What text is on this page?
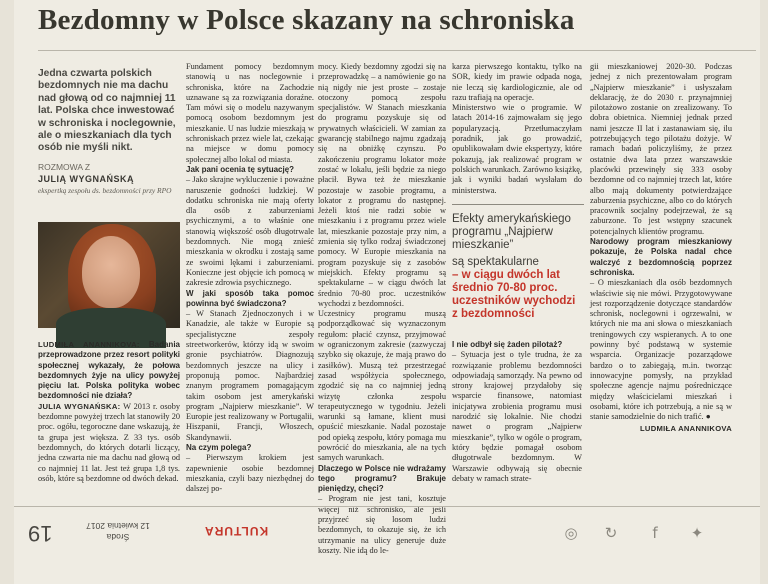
Bezdomny w Polsce skazany na schroniska
Jedna czwarta polskich bezdomnych nie ma dachu nad głową od co najmniej 11 lat. Polska chce inwestować w schroniska i noclegownie, ale o mieszkaniach dla tych osób nie myśli nikt.
ROZMOWA Z
JULIĄ WYGNAŃSKĄ
ekspertką zespołu ds. bezdomności przy RPO

LUDMIŁA ANANNIKOVA: Badania przeprowadzone przez resort polityki społecznej wykazały, że połowa bezdomnych żyje na ulicy powyżej pięciu lat. Polska polityka wobec bezdomności nie działa?

JULIA WYGNAŃSKA: W 2013 r. osoby bezdomne powyżej trzech lat stanowiły 20 proc. ogółu, tegoroczne dane wskazują, że ta grupa jest większa. Z 33 tys. osób bezdomnych, do których dotarli liczący, jedna czwarta nie ma dachu nad głową od co najmniej 11 lat. Jest też grupa 1,8 tys. osób, które są bezdomne od dwóch dekad.

Fundament pomocy bezdomnym stanowią u nas noclegownie i schroniska, które na Zachodzie uznawane są za rozwiązania doraźne. Tam mówi się o modelu nazywanym pomocą osobom bezdomnym jest mieszkanie. U nas ludzie mieszkają w schroniskach przez wiele lat, czekając na miejsce w domu pomocy społecznej albo lokal od miasta.

Jak pani ocenia tę sytuację?

– Jako skrajne wykluczenie i poważne naruszenie godności ludzkiej. W dodatku schroniska nie mają oferty dla osób z zaburzeniami psychicznymi, a to właśnie one stanowią większość osób długotrwale bezdomnych. Nie mogą znieść mieszkania w okrodku i zostają same ze swoimi lękami i zaburzeniami. Konieczne jest objęcie ich pomocą w zakresie zdrowia psychicznego.

W jaki sposób taka pomoc powinna być świadczona?

– W Stanach Zjednoczonych i w Kanadzie, ale także w Europie są specjalistyczne zespoły streetworkerów, którzy idą w swoim gronie psychiatrów. Diagnozują bezdomnych jeszcze na ulicy i proponują pomoc. Najbardziej znanym programem pomagającym takim osobom jest amerykański program „Najpierw mieszkanie”. W Europie jest realizowany w Portugalii, Hiszpanii, Francji, Włoszech, Skandynawii.

Na czym polega?

– Pierwszym krokiem jest zapewnienie osobie bezdomnej mieszkania, czyli bazy niezbędnej do dalszej po-

mocy. Kiedy bezdomny zgodzi się na przeprowadzkę – a namówienie go na nią nigdy nie jest proste – zostaje otoczony pomocą zespołu specjalistów. W Stanach mieszkania do programu pozyskuje się od prywatnych właścicieli. W zamian za gwarancję stabilnego najmu zgadzają się na obniżkę czynszu. Po zakończeniu programu lokator może zostać w lokalu, jeśli będzie za niego płacił. Bywa też że mieszkanie pozostaje w zasobie programu, a lokator z programu do następnej. Jeżeli ktoś nie radzi sobie w mieszkaniu i z programu przez wiele lat, mieszkanie pozostaje przy nim, a zmienia się tylko rodzaj świadczonej pomocy. W Europie mieszkania na program pozyskuje się z zasobów miejskich. Efekty programu są spektakularne – w ciągu dwóch lat średnio 70-80 proc. uczestników wychodzi z bezdomności.

Uczestnicy programu muszą podporządkować się wyznaczonym regułom: płacić czynsz, przyjmować w ograniczonym zakresie (zazwyczaj szybko się okazuje, że mają prawo do zasiłków). Muszą też przestrzegać zasad współżycia społecznego, zgodzić się na co najmniej jedną wizytę członka zespołu terapeutycznego w tygodniu. Jeżeli warunki są łamane, klient musi opuścić mieszkanie. Nadal pozostaje pod opieką zespołu, który pomaga mu powrócić do mieszkania, ale na tych samych warunkach.

Dlaczego w Polsce nie wdrażamy tego programu? Brakuje pieniędzy, chęci?

– Program nie jest tani, kosztuje więcej niż schronisko, ale jeśli przyjrzeć się losom ludzi bezdomnych, to okazuje się, że ich utrzymanie na ulicy generuje duże koszty. Nie idą do le-

karza pierwszego kontaktu, tylko na SOR, kiedy im prawie odpada noga, nie leczą się kardiologicznie, ale od razu trafiają na operacje.

Ministerstwo wie o programie. W latach 2014-16 zajmowałam się jego popularyzacją. Przetłumaczyłam poradnik, jak go prowadzić, opublikowałam dwie ekspertyzy, które pokazują, jak realizować program w polskich warunkach. Zarówno książkę, jak i wyniki badań wysłałam do ministerstwa.

Efekty amerykańskiego programu „Najpierw mieszkanie”
są spektakularne
– w ciągu dwóch lat średnio 70-80 proc. uczestników wychodzi z bezdomności

I nie odbył się żaden pilotaż?

– Sytuacja jest o tyle trudna, że za rozwiązanie problemu bezdomności odpowiadają samorządy. Na pewno od strony krajowej przydałoby się wsparcie finansowe, natomiast inicjatywa zrobienia programu musi narodzić się lokalnie. Nie chodzi nawet o program „Najpierw mieszkanie”, tylko w ogóle o program, który będzie pomagał osobom długotrwale bezdomnym. W Warszawie odbywają się obecnie debaty w ramach strate-

gii mieszkaniowej 2020-30. Podczas jednej z nich prezentowałam program „Najpierw mieszkanie” i usłyszałam deklarację, że do 2030 r. przynajmniej pilotażowo zostanie on zrealizowany. To dobra obietnica. Niemniej jednak przed nami jeszcze II lat i zastanawiam się, ilu potrzebujących tego pilotażu dożyje. W ramach badań policzyliśmy, że przez ostatnie dwa lata przez warszawskie placówki przewinęły się 333 osoby bezdomne od co najmniej trzech lat, które albo mają dokumenty potwierdzające zaburzenia psychiczne, albo co do których pracownik socjalny podejrzewał, że są zaburzone. To jest wstępny szacunek potencjalnych klientów programu.

Narodowy program mieszkaniowy pokazuje, że Polska nadal chce walczyć z bezdomnością poprzez schroniska.

– O mieszkaniach dla osób bezdomnych właściwie się nie mówi. Przygotowywane jest rozporządzenie dotyczące standardów schronisk, noclegowni i ogrzewalni, w których nie ma ani słowa o mieszkaniach treningowych czy wspieranych. A to one powinny być podstawą w systemie wsparcia. Organizacje pozarządowe bardzo o to zabiegają, m.in. tworząc innowacyjne pomysły, na przykład społeczne agencje najmu pośredniczące między właścicielami mieszkań i osobami, które ich potrzebują, a nie są w stanie samodzielnie do nich trafić. ●

LUDMIŁA ANANNIKOVA

19	Środa
12 kwietnia 2017	KULTURA	◎	↻	f	✦
